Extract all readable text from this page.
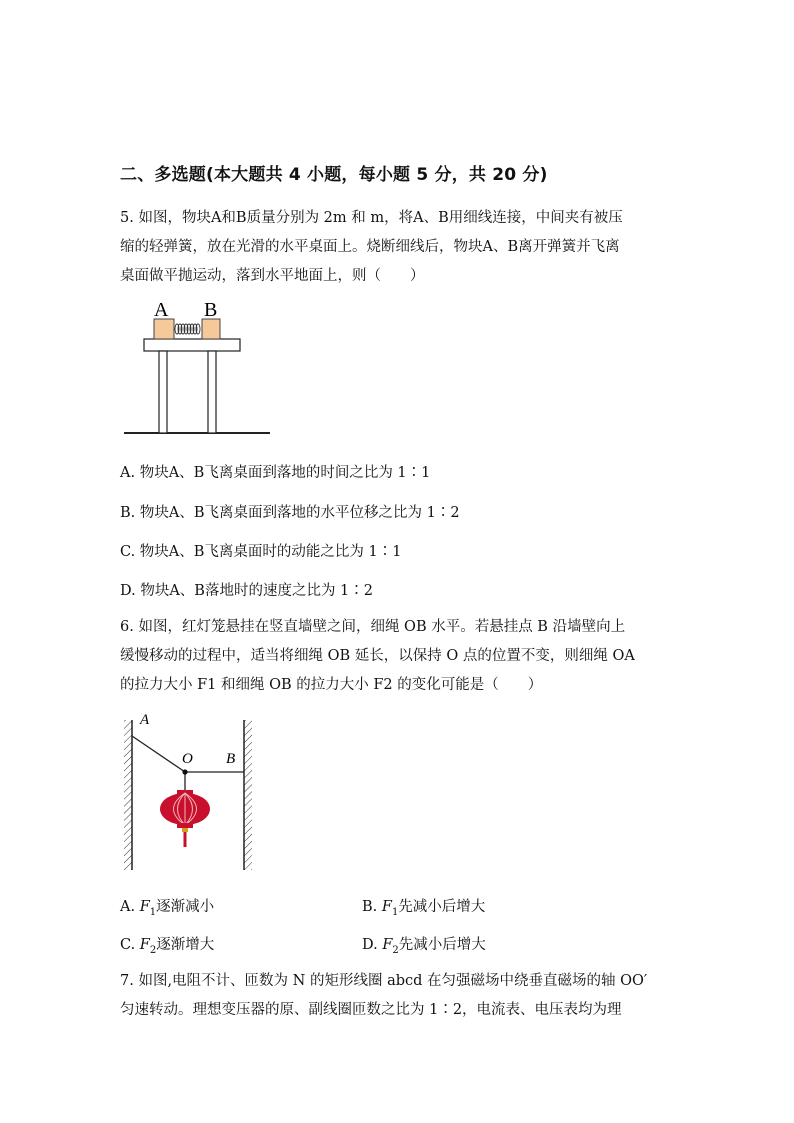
二、多选题(本大题共 4 小题，每小题 5 分，共 20 分)
5. 如图，物块A和B质量分别为 2m 和 m，将A、B用细线连接，中间夹有被压
缩的轻弹簧，放在光滑的水平桌面上。烧断细线后，物块A、B离开弹簧并飞离
桌面做平抛运动，落到水平地面上，则（　　）
A B
A. 物块A、B飞离桌面到落地的时间之比为 1∶1
B. 物块A、B飞离桌面到落地的水平位移之比为 1∶2
C. 物块A、B飞离桌面时的动能之比为 1∶1
D. 物块A、B落地时的速度之比为 1∶2
6. 如图，红灯笼悬挂在竖直墙壁之间，细绳 OB 水平。若悬挂点 B 沿墙壁向上
缓慢移动的过程中，适当将细绳 OB 延长，以保持 O 点的位置不变，则细绳 OA
的拉力大小 F1 和细绳 OB 的拉力大小 F2 的变化可能是（　　）
A
O B
A. $F_1$逐渐减小	B. $F_1$先减小后增大
C. $F_2$逐渐增大	D. $F_2$先减小后增大
7. 如图,电阻不计、匝数为 N 的矩形线圈 abcd 在匀强磁场中绕垂直磁场的轴 OO′
匀速转动。理想变压器的原、副线圈匝数之比为 1∶2，电流表、电压表均为理
